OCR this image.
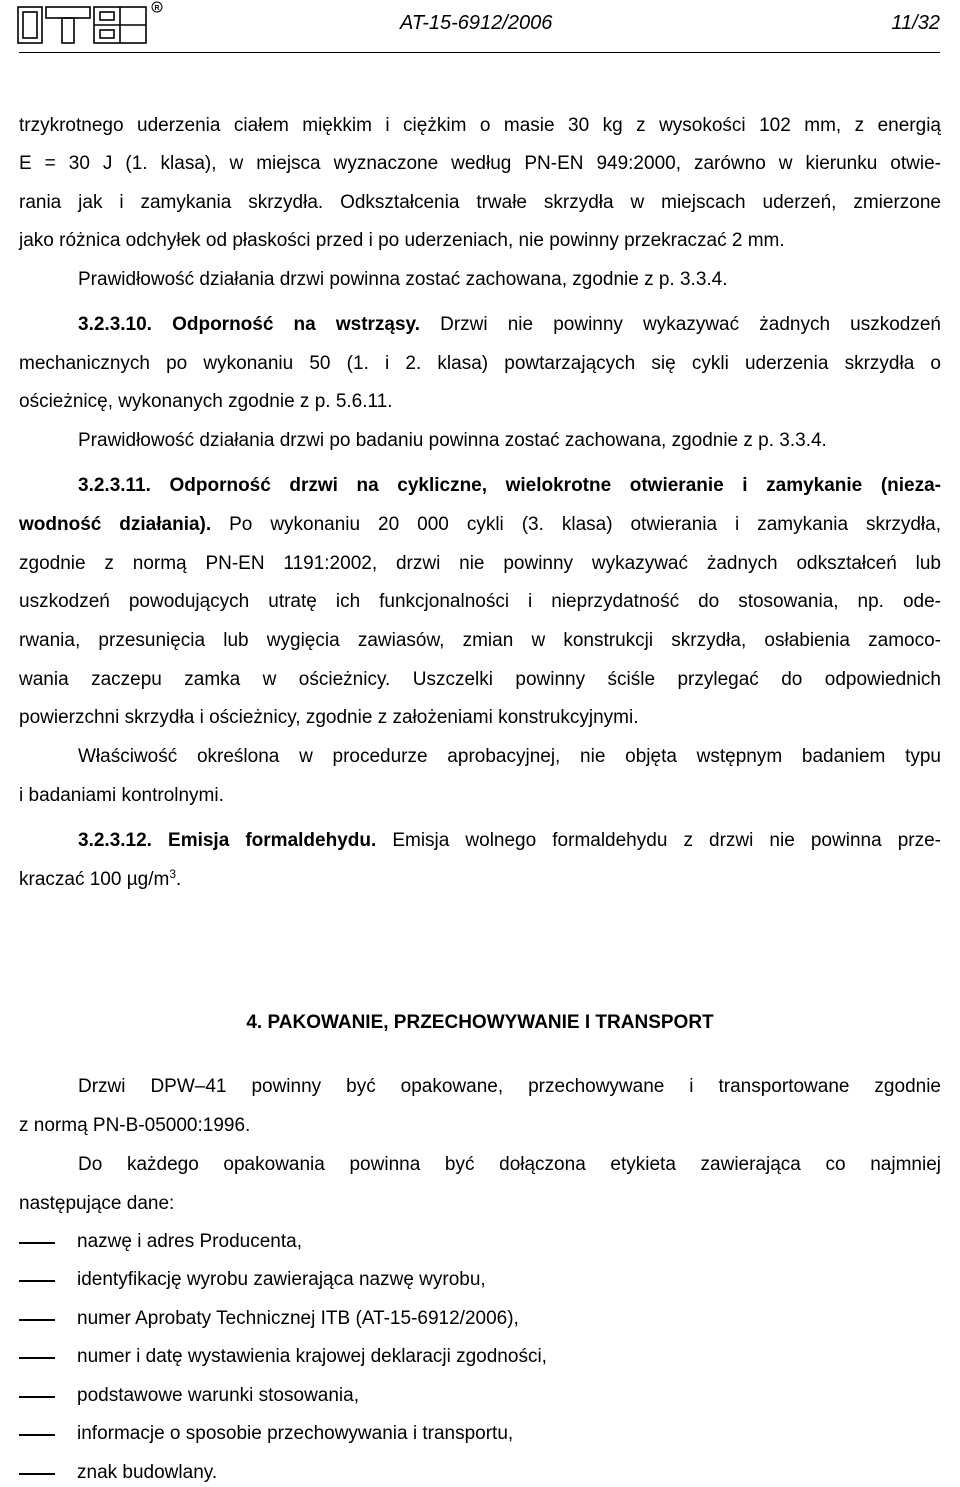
R
AT-15-6912/2006	11/32
trzykrotnego uderzenia ciałem miękkim i ciężkim o masie 30 kg z wysokości 102 mm, z energią
E = 30 J (1. klasa), w miejsca wyznaczone według PN-EN 949:2000, zarówno w kierunku otwie-
rania jak i zamykania skrzydła. Odkształcenia trwałe skrzydła w miejscach uderzeń, zmierzone
jako różnica odchyłek od płaskości przed i po uderzeniach, nie powinny przekraczać 2 mm.
Prawidłowość działania drzwi powinna zostać zachowana, zgodnie z p. 3.3.4.
3.2.3.10. Odporność na wstrząsy. Drzwi nie powinny wykazywać żadnych uszkodzeń
mechanicznych po wykonaniu 50 (1. i 2. klasa) powtarzających się cykli uderzenia skrzydła o
ościeżnicę, wykonanych zgodnie z p. 5.6.11.
Prawidłowość działania drzwi po badaniu powinna zostać zachowana, zgodnie z p. 3.3.4.
3.2.3.11. Odporność drzwi na cykliczne, wielokrotne otwieranie i zamykanie (nieza-
wodność działania). Po wykonaniu 20 000 cykli (3. klasa) otwierania i zamykania skrzydła,
zgodnie z normą PN-EN 1191:2002, drzwi nie powinny wykazywać żadnych odkształceń lub
uszkodzeń powodujących utratę ich funkcjonalności i nieprzydatność do stosowania, np. ode-
rwania, przesunięcia lub wygięcia zawiasów, zmian w konstrukcji skrzydła, osłabienia zamoco-
wania zaczepu zamka w ościeżnicy. Uszczelki powinny ściśle przylegać do odpowiednich
powierzchni skrzydła i ościeżnicy, zgodnie z założeniami konstrukcyjnymi.
Właściwość określona w procedurze aprobacyjnej, nie objęta wstępnym badaniem typu
i badaniami kontrolnymi.
3.2.3.12. Emisja formaldehydu. Emisja wolnego formaldehydu z drzwi nie powinna prze-
kraczać 100 $\mu g/m^3$.
4. PAKOWANIE, PRZECHOWYWANIE I TRANSPORT
Drzwi DPW–41 powinny być opakowane, przechowywane i transportowane zgodnie
z normą PN-B-05000:1996.
Do każdego opakowania powinna być dołączona etykieta zawierająca co najmniej
następujące dane:
nazwę i adres Producenta,
identyfikację wyrobu zawierająca nazwę wyrobu,
numer Aprobaty Technicznej ITB (AT-15-6912/2006),
numer i datę wystawienia krajowej deklaracji zgodności,
podstawowe warunki stosowania,
informacje o sposobie przechowywania i transportu,
znak budowlany.
